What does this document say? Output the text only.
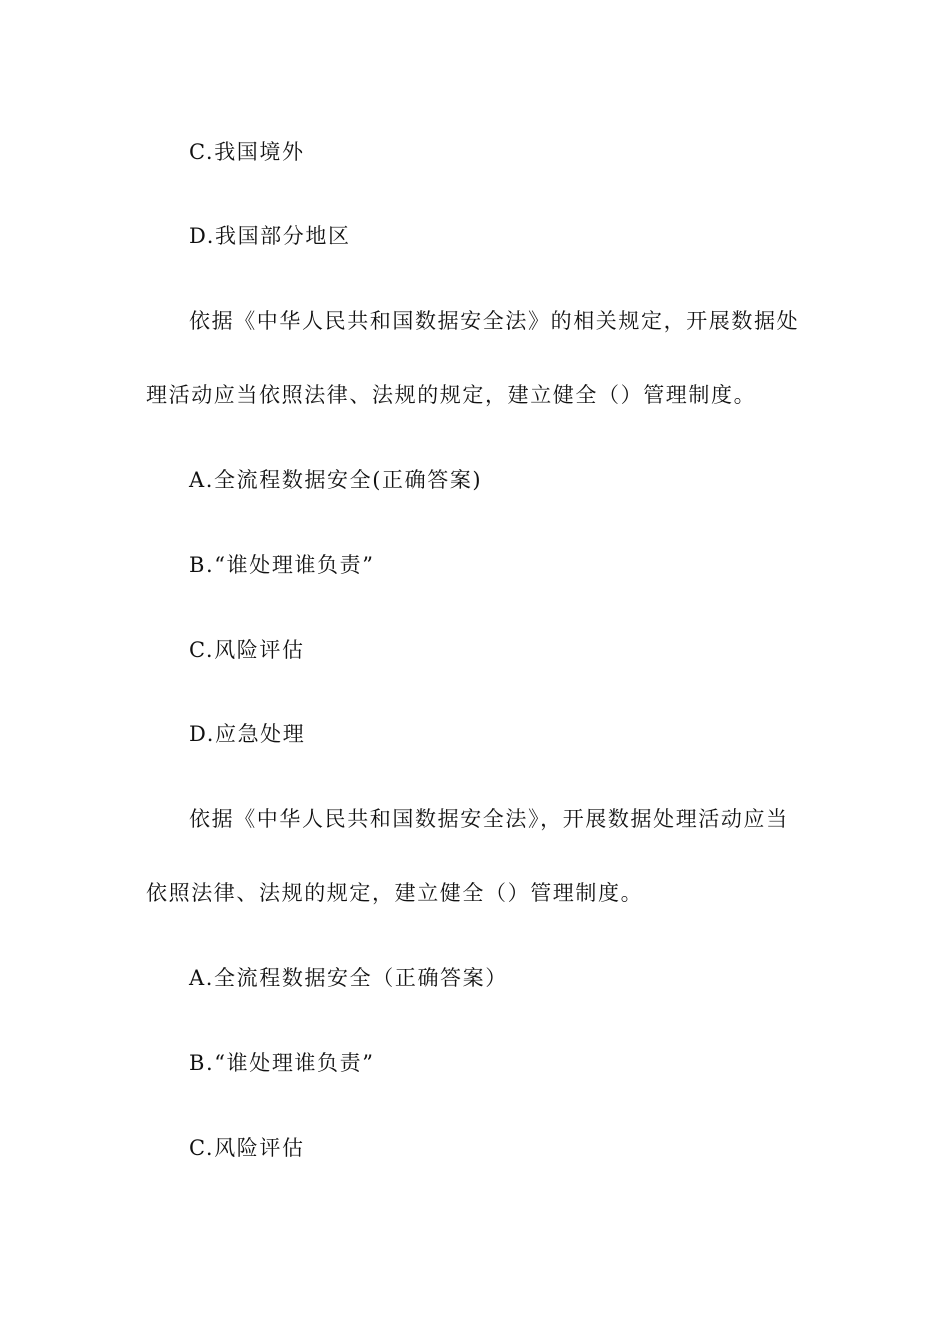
C.我国境外
D.我国部分地区
依据《中华人民共和国数据安全法》的相关规定，开展数据处
理活动应当依照法律、法规的规定，建立健全（）管理制度。
A.全流程数据安全(正确答案)
B.“谁处理谁负责”
C.风险评估
D.应急处理
依据《中华人民共和国数据安全法》，开展数据处理活动应当
依照法律、法规的规定，建立健全（）管理制度。
A.全流程数据安全（正确答案）
B.“谁处理谁负责”
C.风险评估
